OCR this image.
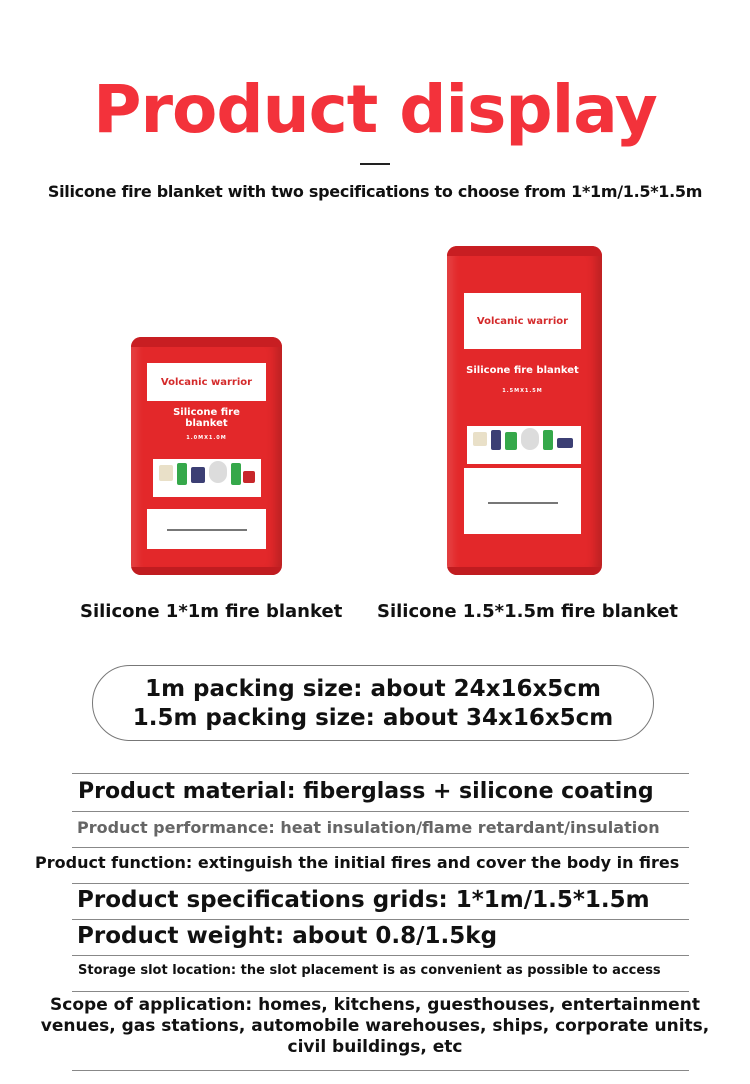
Product display
Silicone fire blanket with two specifications to choose from 1*1m/1.5*1.5m
Volcanic warrior
Silicone fire
blanket
1.0MX1.0M
Volcanic warrior
Silicone fire blanket
1.5MX1.5M
Silicone 1*1m fire blanket Silicone 1.5*1.5m fire blanket
1m packing size: about 24x16x5cm
1.5m packing size: about 34x16x5cm
Product material: fiberglass + silicone coating
Product performance: heat insulation/flame retardant/insulation
Product function: extinguish the initial fires and cover the body in fires
Product specifications grids: 1*1m/1.5*1.5m
Product weight: about 0.8/1.5kg
Storage slot location: the slot placement is as convenient as possible to access
Scope of application: homes, kitchens, guesthouses, entertainment
venues, gas stations, automobile warehouses, ships, corporate units,
civil buildings, etc
